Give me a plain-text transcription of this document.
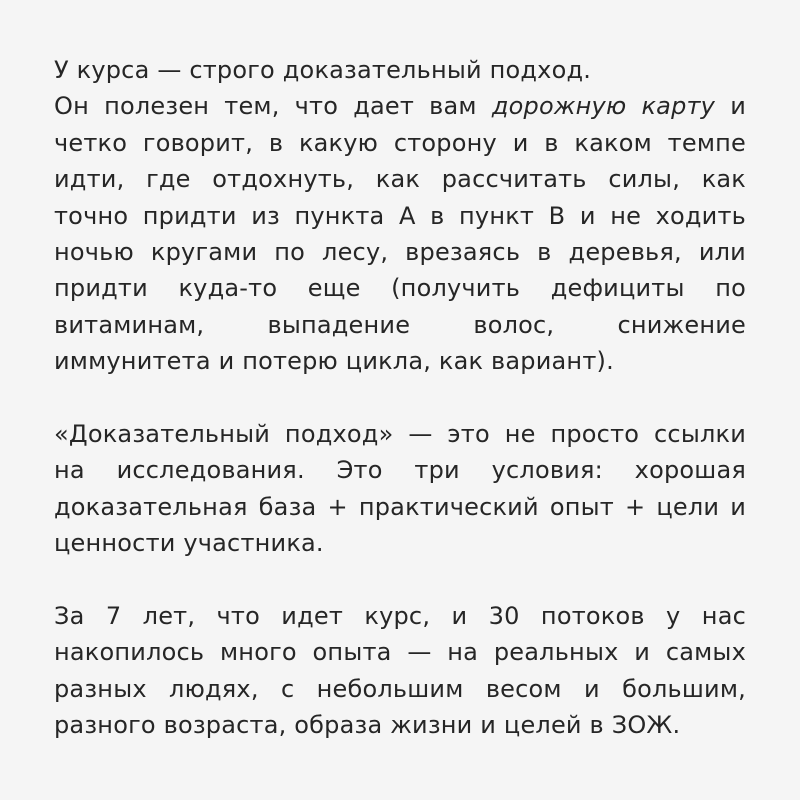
У курса — строго доказательный подход.
Он полезен тем, что дает вам дорожную карту и
четко говорит, в какую сторону и в каком темпе
идти, где отдохнуть, как рассчитать силы, как
точно придти из пункта А в пункт В и не ходить
ночью кругами по лесу, врезаясь в деревья, или
придти куда-то еще (получить дефициты по
витаминам, выпадение волос, снижение
иммунитета и потерю цикла, как вариант).
«Доказательный подход» — это не просто ссылки
на исследования. Это три условия: хорошая
доказательная база + практический опыт + цели и
ценности участника.
За 7 лет, что идет курс, и 30 потоков у нас
накопилось много опыта — на реальных и самых
разных людях, с небольшим весом и большим,
разного возраста, образа жизни и целей в ЗОЖ.
